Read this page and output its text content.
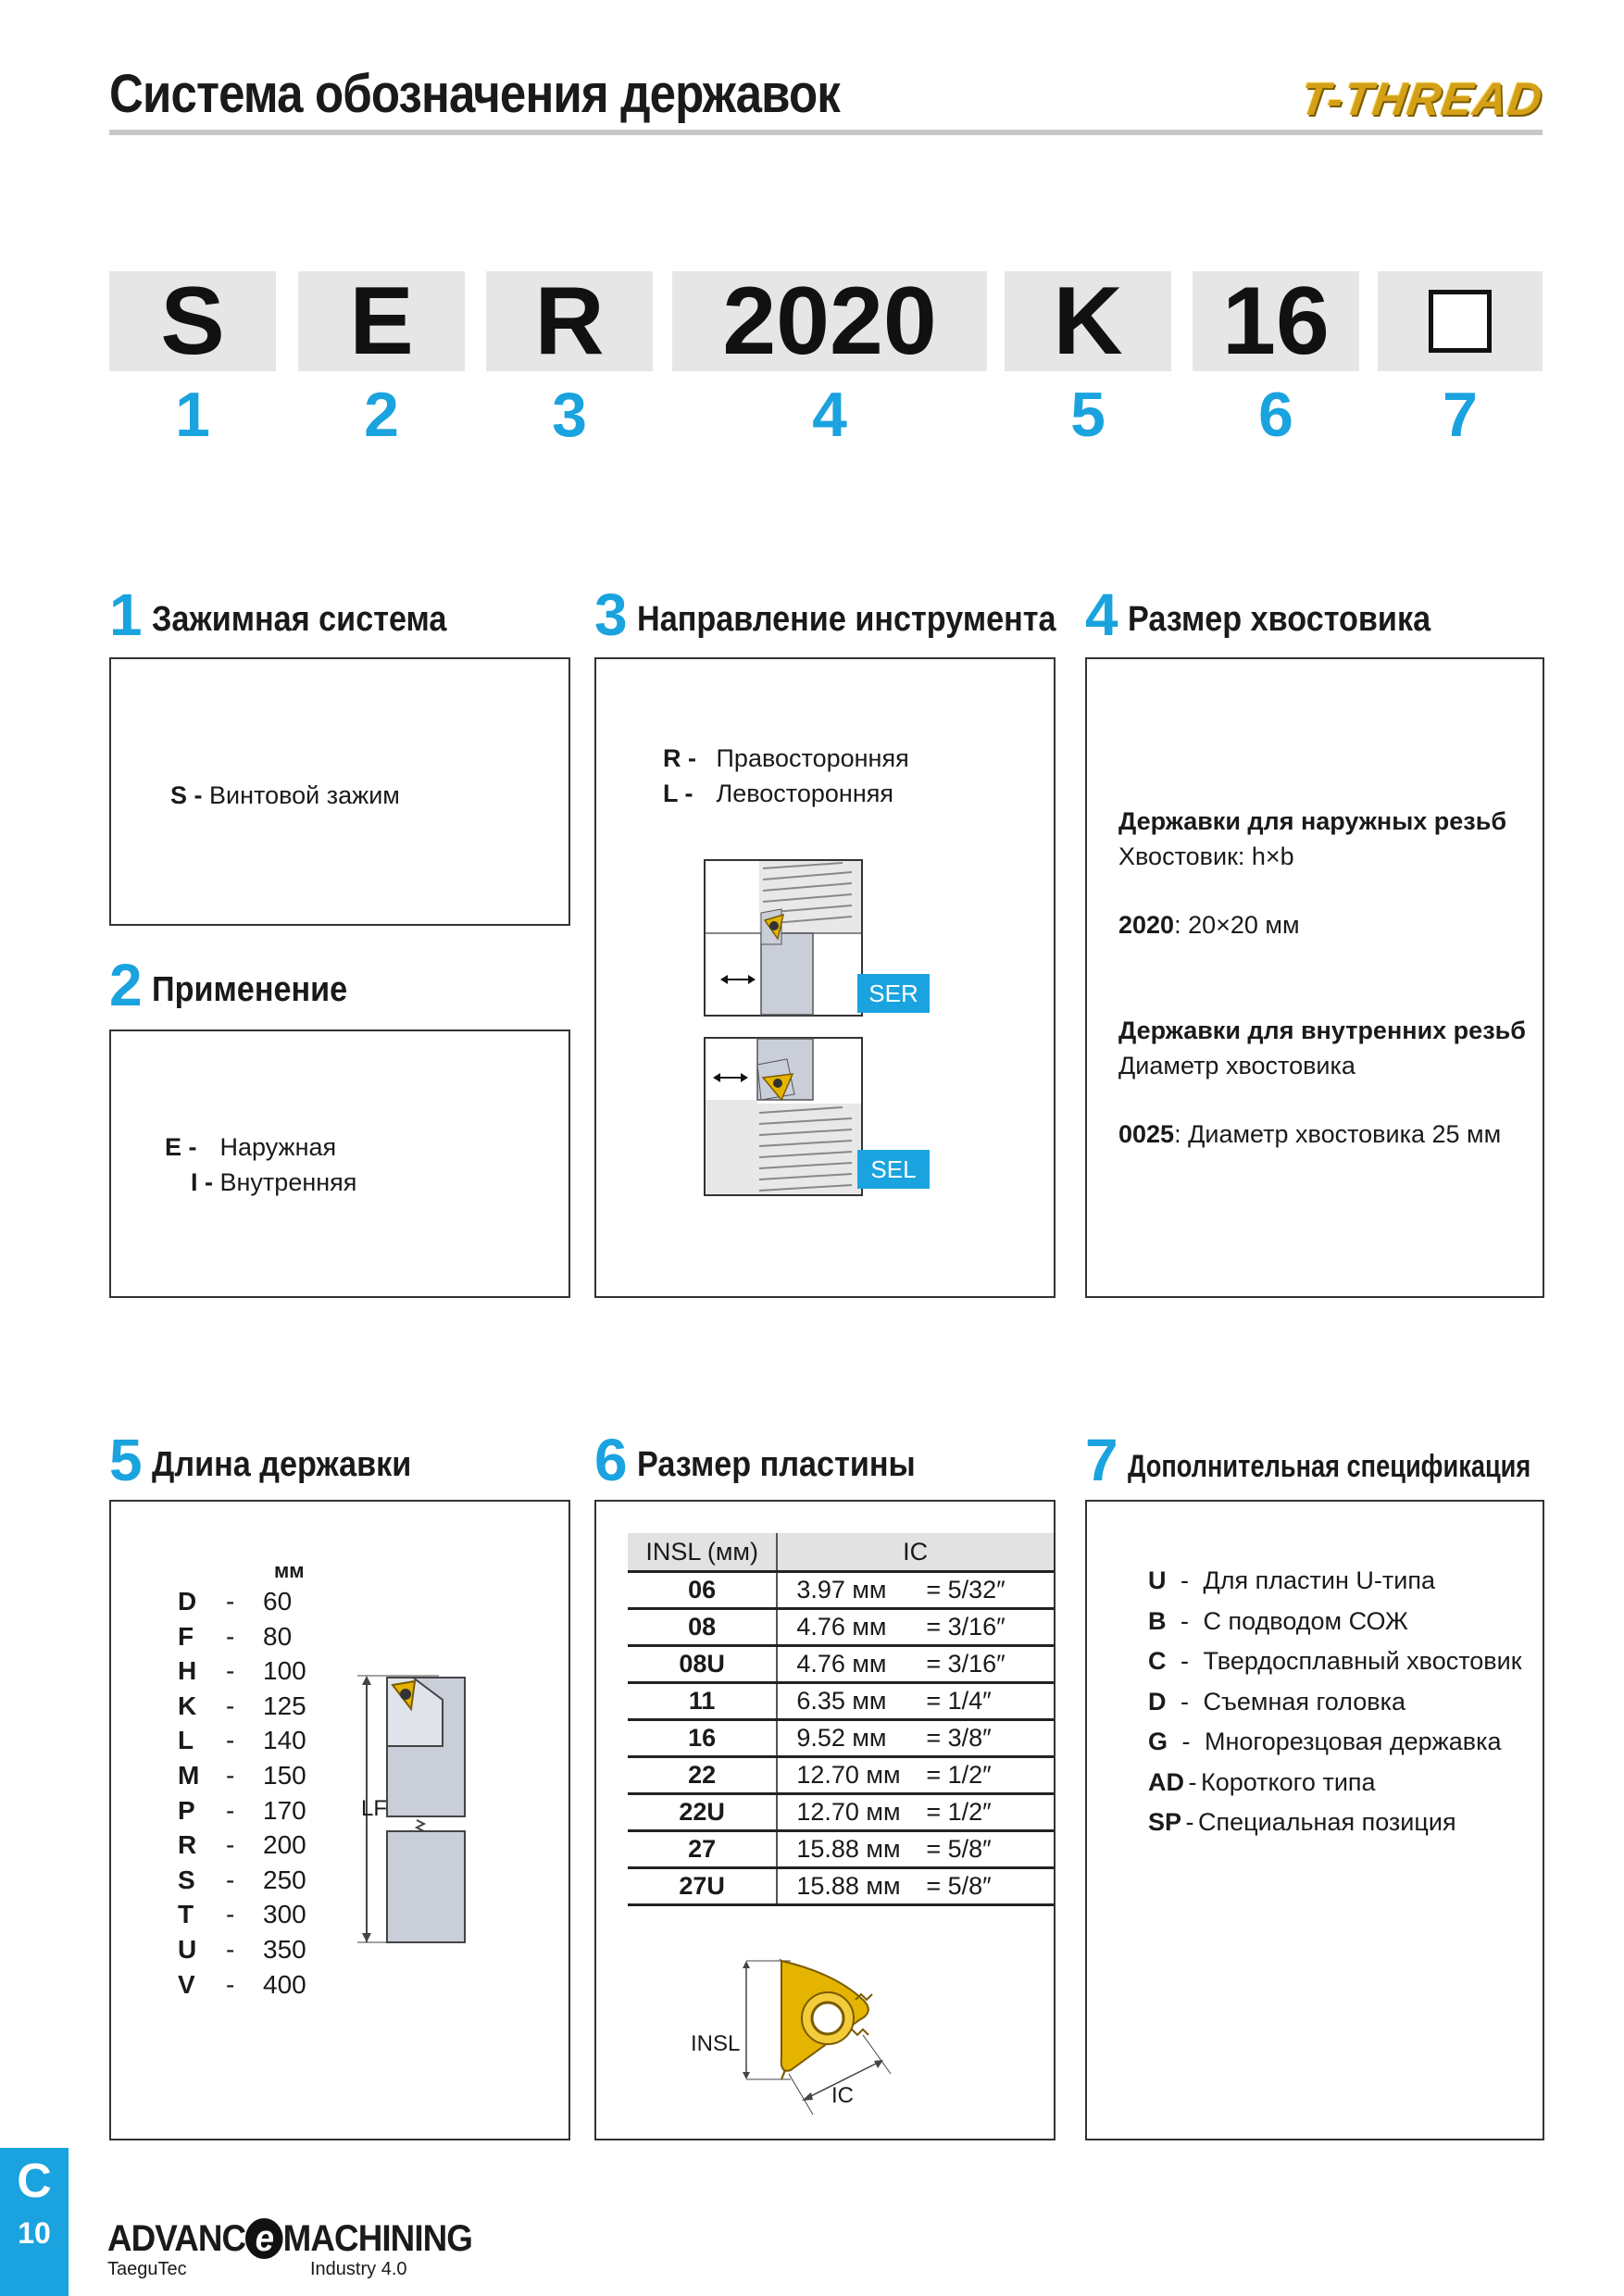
Система обозначения державок	T-THREAD
S	E	R	2020	K	16
1	2	3	4	5	6	7
1 Зажимная система
S - Винтовой зажим
2 Применение
E - Наружная
I - Внутренняя
3 Направление инструмента
R - Правосторонняя
L - Левосторонняя
SER
SEL
4 Размер хвостовика
Державки для наружных резьб
Хвостовик: h×b
2020: 20×20 мм
Державки для внутренних резьб
Диаметр хвостовика
0025: Диаметр хвостовика 25 мм
5 Длина державки
мм
D - 60
F - 80
H - 100
K - 125
L - 140
M - 150
P - 170
R - 200
S - 250
T - 300
U - 350
V - 400
LF
6 Размер пластины
INSL (мм)	IC
06	3.97 мм = 5/32″
08	4.76 мм = 3/16″
08U	4.76 мм = 3/16″
11	6.35 мм = 1/4″
16	9.52 мм = 3/8″
22	12.70 мм = 1/2″
22U	12.70 мм = 1/2″
27	15.88 мм = 5/8″
27U	15.88 мм = 5/8″
INSL
IC
7 Дополнительная спецификация
U - Для пластин U-типа
B - С подводом СОЖ
C - Твердосплавный хвостовик
D - Съемная головка
G - Многорезцовая державка
AD - Короткого типа
SP - Специальная позиция
C
10	ADVANC e MACHINING
TaeguTec	Industry 4.0
